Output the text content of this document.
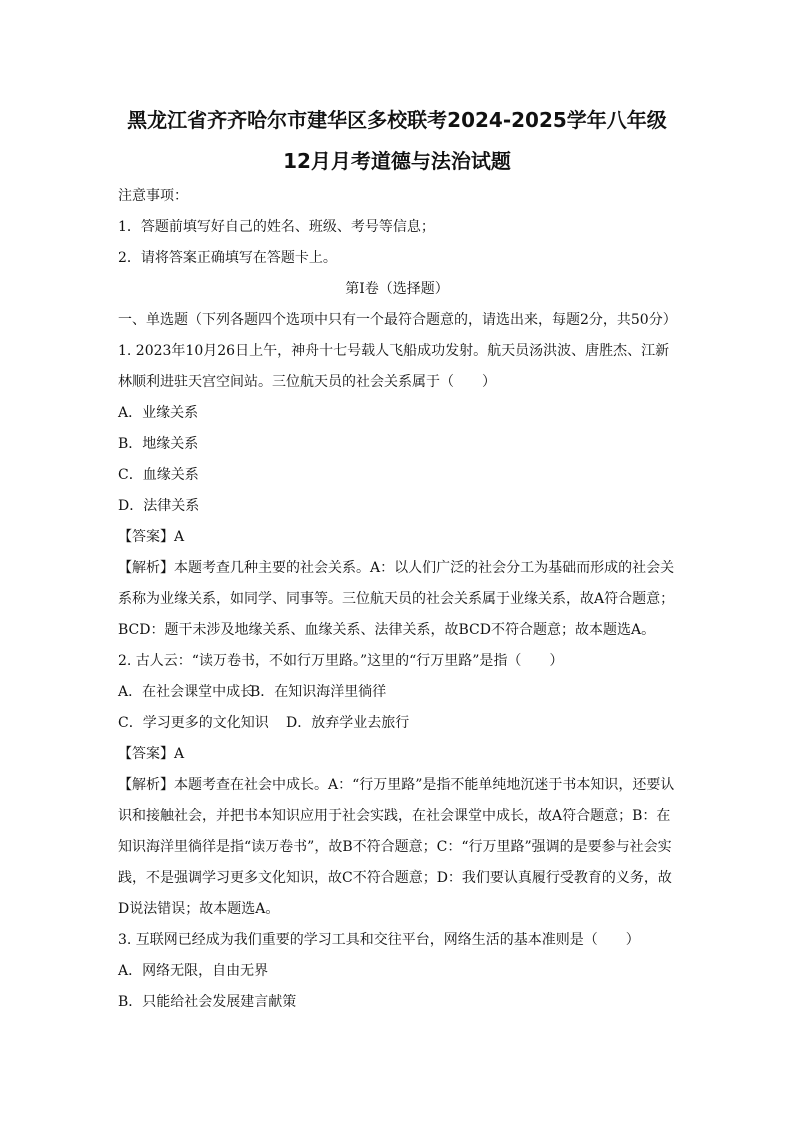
黑龙江省齐齐哈尔市建华区多校联考2024-2025学年八年级
12月月考道德与法治试题
注意事项：
1．答题前填写好自己的姓名、班级、考号等信息；
2．请将答案正确填写在答题卡上。
第I卷（选择题）
一、单选题（下列各题四个选项中只有一个最符合题意的，请选出来，每题2分，共50分）
1. 2023年10月26日上午，神舟十七号载人飞船成功发射。航天员汤洪波、唐胜杰、江新
林顺利进驻天宫空间站。三位航天员的社会关系属于（　　）
A．业缘关系
B．地缘关系
C．血缘关系
D．法律关系
【答案】A
【解析】本题考查几种主要的社会关系。A：以人们广泛的社会分工为基础而形成的社会关
系称为业缘关系，如同学、同事等。三位航天员的社会关系属于业缘关系，故A符合题意；
BCD：题干未涉及地缘关系、血缘关系、法律关系，故BCD不符合题意；故本题选A。
2. 古人云：“读万卷书，不如行万里路。”这里的“行万里路”是指（　　）
A．在社会课堂中成长
B．在知识海洋里徜徉
C．学习更多的文化知识 D．放弃学业去旅行
【答案】A
【解析】本题考查在社会中成长。A：“行万里路”是指不能单纯地沉迷于书本知识，还要认
识和接触社会，并把书本知识应用于社会实践，在社会课堂中成长，故A符合题意；B：在
知识海洋里徜徉是指“读万卷书”，故B不符合题意；C：“行万里路”强调的是要参与社会实
践，不是强调学习更多文化知识，故C不符合题意；D：我们要认真履行受教育的义务，故
D说法错误；故本题选A。
3. 互联网已经成为我们重要的学习工具和交往平台，网络生活的基本准则是（　　）
A．网络无限，自由无界
B．只能给社会发展建言献策
